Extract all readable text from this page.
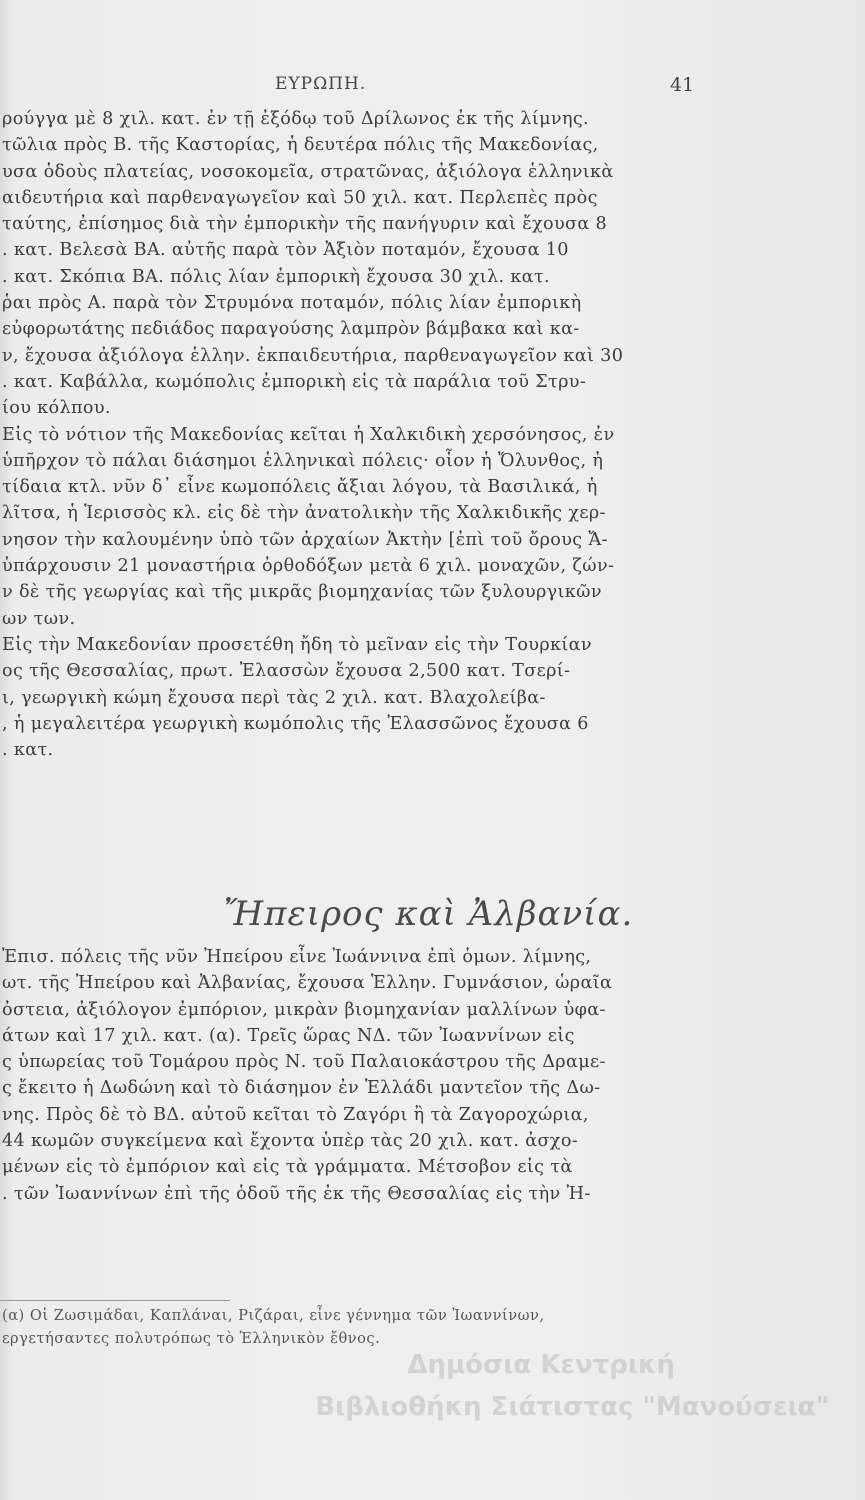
ΕΥΡΩΠΗ.	41
ρούγγα μὲ 8 χιλ. κατ. ἐν τῇ ἐξόδῳ τοῦ Δρίλωνος ἐκ τῆς λίμνης.
τῶλια πρὸς Β. τῆς Καστορίας, ἡ δευτέρα πόλις τῆς Μακεδονίας,
υσα ὁδοὺς πλατείας, νοσοκομεῖα, στρατῶνας, ἀξιόλογα ἑλληνικὰ
αιδευτήρια καὶ παρθεναγωγεῖον καὶ 50 χιλ. κατ. Περλεπὲς πρὸς
ταύτης, ἐπίσημος διὰ τὴν ἐμπορικὴν τῆς πανήγυριν καὶ ἔχουσα 8
. κατ. Βελεσὰ ΒΑ. αὐτῆς παρὰ τὸν Ἀξιὸν ποταμόν, ἔχουσα 10
. κατ. Σκόπια ΒΑ. πόλις λίαν ἐμπορικὴ ἔχουσα 30 χιλ. κατ.
ῥαι πρὸς Α. παρὰ τὸν Στρυμόνα ποταμόν, πόλις λίαν ἐμπορικὴ
εὐφορωτάτης πεδιάδος παραγούσης λαμπρὸν βάμβακα καὶ κα-
ν, ἔχουσα ἀξιόλογα ἑλλην. ἐκπαιδευτήρια, παρθεναγωγεῖον καὶ 30
. κατ. Καβάλλα, κωμόπολις ἐμπορικὴ εἰς τὰ παράλια τοῦ Στρυ-
ίου κόλπου.
Εἰς τὸ νότιον τῆς Μακεδονίας κεῖται ἡ Χαλκιδικὴ χερσόνησος, ἐν
ὑπῆρχον τὸ πάλαι διάσημοι ἑλληνικαὶ πόλεις· οἷον ἡ Ὄλυνθος, ἡ
τίδαια κτλ. νῦν δ᾽ εἶνε κωμοπόλεις ἄξιαι λόγου, τὰ Βασιλικά, ἡ
λῖτσα, ἡ Ἱερισσὸς κλ. εἰς δὲ τὴν ἀνατολικὴν τῆς Χαλκιδικῆς χερ-
νησον τὴν καλουμένην ὑπὸ τῶν ἀρχαίων Ἀκτὴν [ἐπὶ τοῦ ὄρους Ἄ-
ὑπάρχουσιν 21 μοναστήρια ὀρθοδόξων μετὰ 6 χιλ. μοναχῶν, ζών-
ν δὲ τῆς γεωργίας καὶ τῆς μικρᾶς βιομηχανίας τῶν ξυλουργικῶν
ων των.
Εἰς τὴν Μακεδονίαν προσετέθη ἤδη τὸ μεῖναν εἰς τὴν Τουρκίαν
ος τῆς Θεσσαλίας, πρωτ. Ἐλασσὼν ἔχουσα 2,500 κατ. Τσερί-
ι, γεωργικὴ κώμη ἔχουσα περὶ τὰς 2 χιλ. κατ. Βλαχολείβα-
, ἡ μεγαλειτέρα γεωργικὴ κωμόπολις τῆς Ἐλασσῶνος ἔχουσα 6
. κατ.
Ἤπειρος καὶ Ἀλβανία.
Ἐπισ. πόλεις τῆς νῦν Ἠπείρου εἶνε Ἰωάννινα ἐπὶ ὁμων. λίμνης,
ωτ. τῆς Ἠπείρου καὶ Ἀλβανίας, ἔχουσα Ἑλλην. Γυμνάσιον, ὡραῖα
ὀστεια, ἀξιόλογον ἐμπόριον, μικρὰν βιομηχανίαν μαλλίνων ὑφα-
άτων καὶ 17 χιλ. κατ. (α). Τρεῖς ὥρας ΝΔ. τῶν Ἰωαννίνων εἰς
ς ὑπωρείας τοῦ Τομάρου πρὸς Ν. τοῦ Παλαιοκάστρου τῆς Δραμε-
ς ἔκειτο ἡ Δωδώνη καὶ τὸ διάσημον ἐν Ἑλλάδι μαντεῖον τῆς Δω-
νης. Πρὸς δὲ τὸ ΒΔ. αὐτοῦ κεῖται τὸ Ζαγόρι ἢ τὰ Ζαγοροχώρια,
44 κωμῶν συγκείμενα καὶ ἔχοντα ὑπὲρ τὰς 20 χιλ. κατ. ἀσχο-
μένων εἰς τὸ ἐμπόριον καὶ εἰς τὰ γράμματα. Μέτσοβον εἰς τὰ
. τῶν Ἰωαννίνων ἐπὶ τῆς ὁδοῦ τῆς ἐκ τῆς Θεσσαλίας εἰς τὴν Ἠ-
(α) Οἱ Ζωσιμάδαι, Καπλάναι, Ριζάραι, εἶνε γέννημα τῶν Ἰωαννίνων,
εργετήσαντες πολυτρόπως τὸ Ἑλληνικὸν ἔθνος.
Δημόσια Κεντρική
Βιβλιοθήκη Σιάτιστας "Μανούσεια"
